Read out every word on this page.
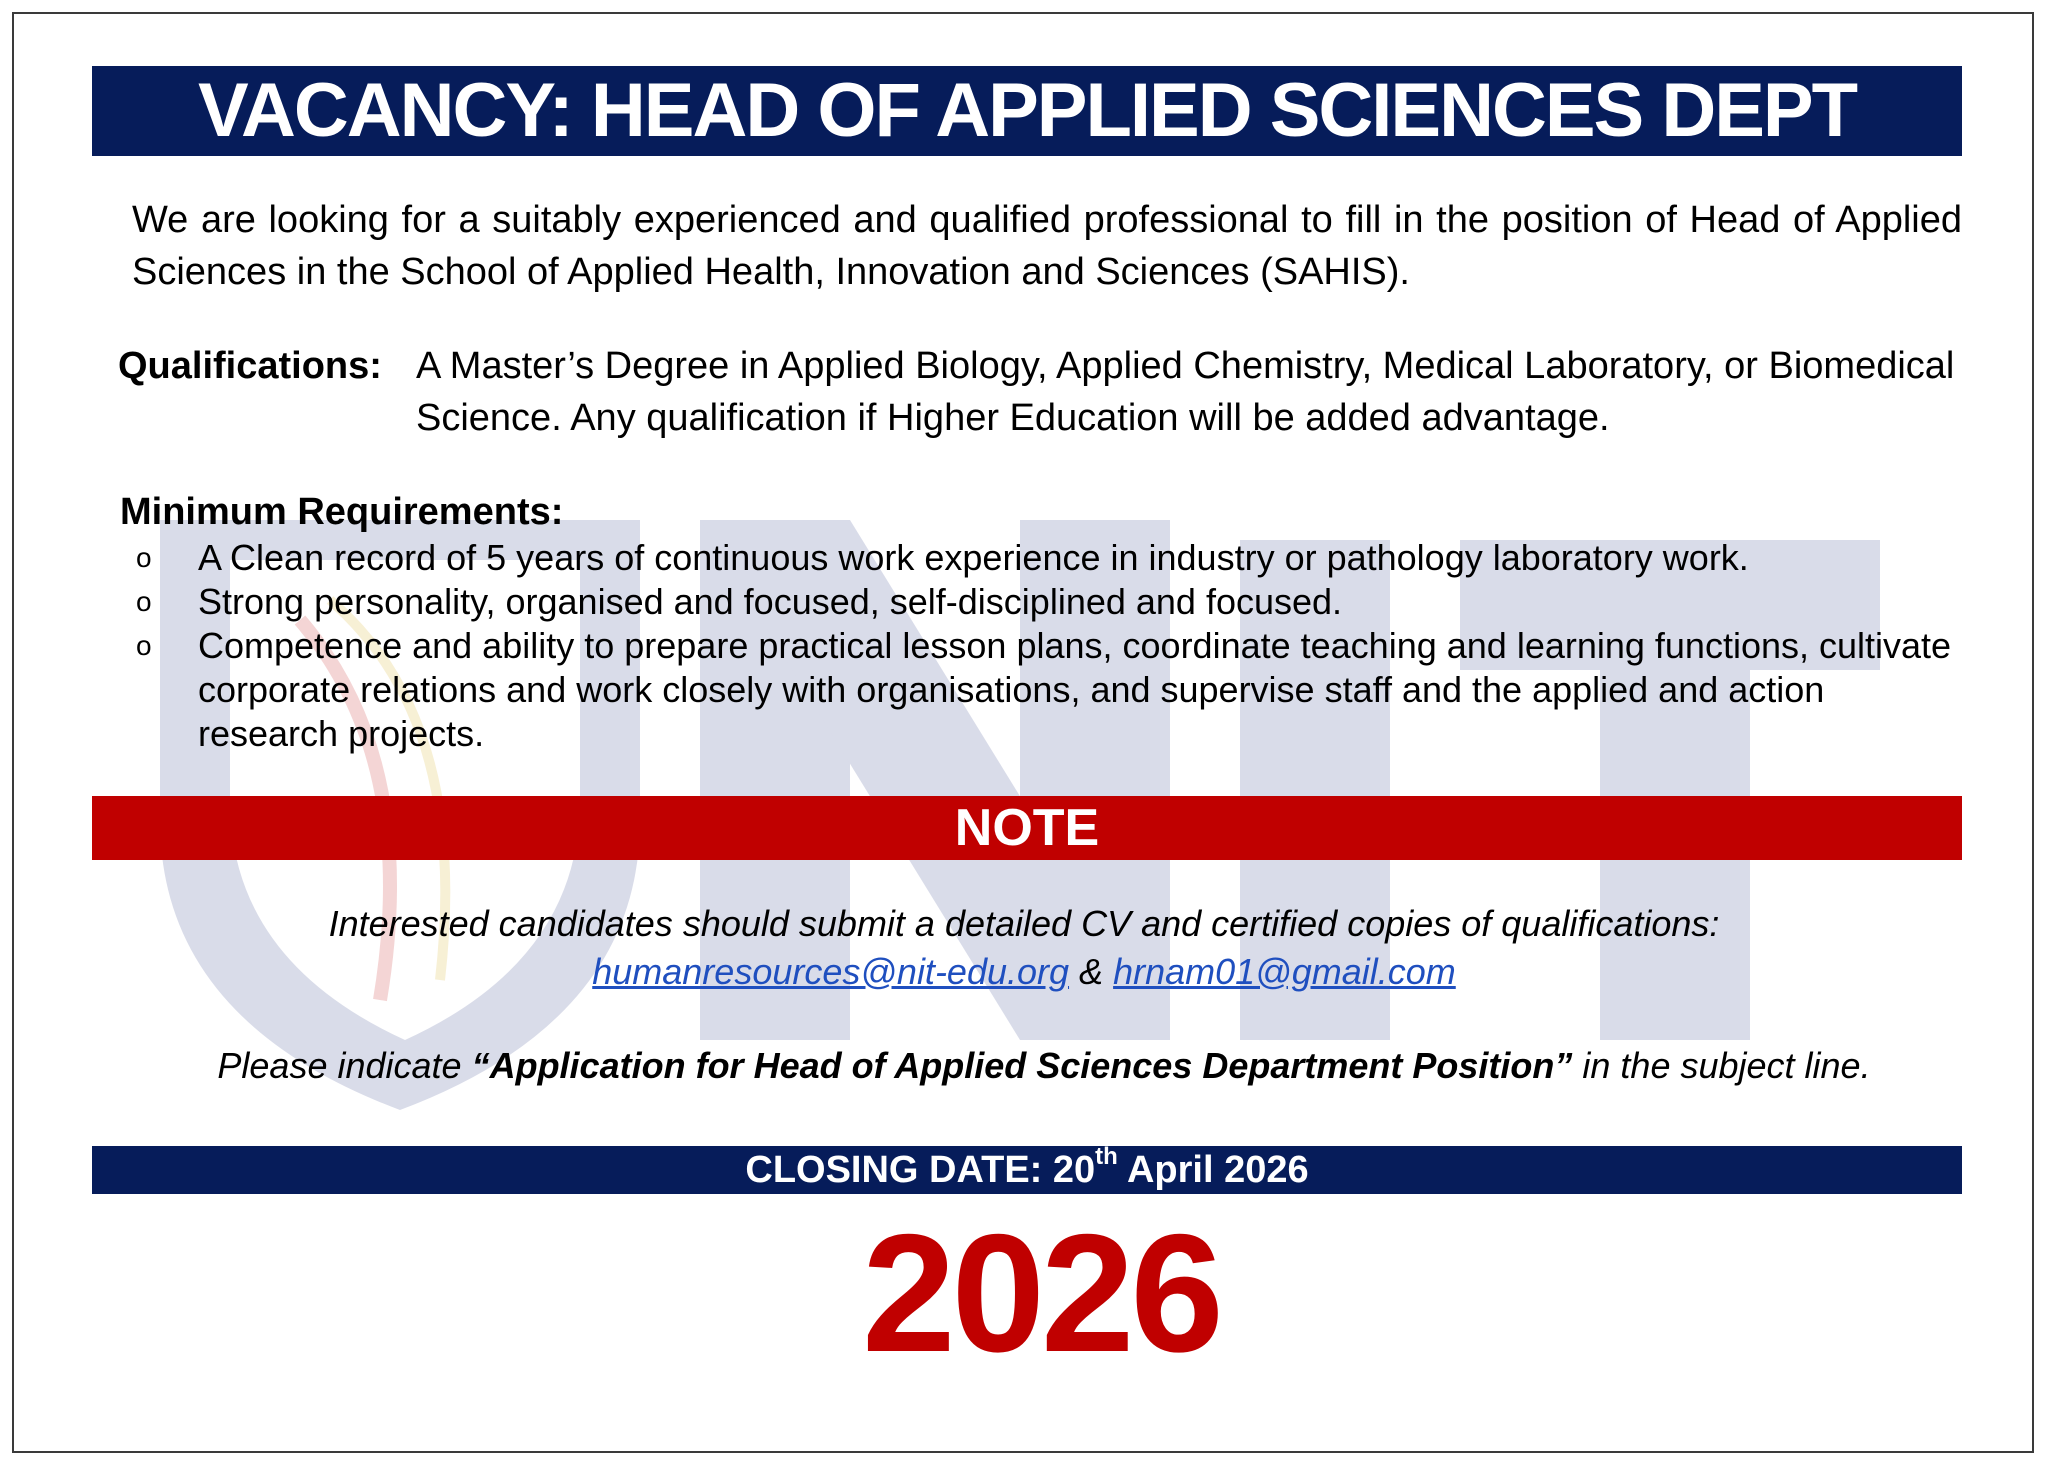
VACANCY: HEAD OF APPLIED SCIENCES DEPT
We are looking for a suitably experienced and qualified professional to fill in the position of Head of Applied Sciences in the School of Applied Health, Innovation and Sciences (SAHIS).
Qualifications: A Master’s Degree in Applied Biology, Applied Chemistry, Medical Laboratory, or Biomedical Science. Any qualification if Higher Education will be added advantage.
Minimum Requirements:
o A Clean record of 5 years of continuous work experience in industry or pathology laboratory work.
o Strong personality, organised and focused, self-disciplined and focused.
o Competence and ability to prepare practical lesson plans, coordinate teaching and learning functions, cultivate corporate relations and work closely with organisations, and supervise staff and the applied and action research projects.
NOTE
Interested candidates should submit a detailed CV and certified copies of qualifications:
humanresources@nit-edu.org & hrnam01@gmail.com
Please indicate “Application for Head of Applied Sciences Department Position” in the subject line.
CLOSING DATE: 20th April 2026
2026
